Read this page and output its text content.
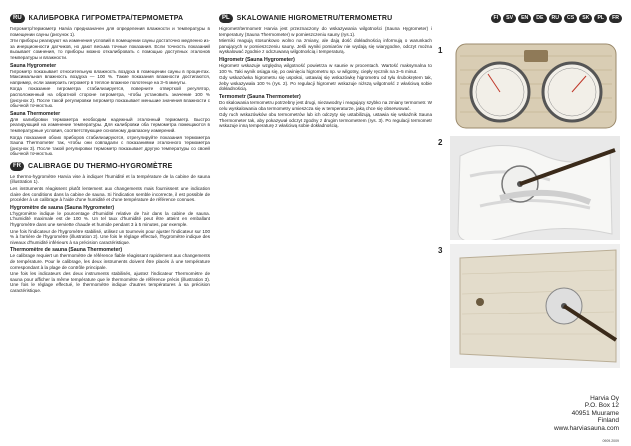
RU	КАЛИБРОВКА ГИГРОМЕТРА/ТЕРМОМЕТРА

Гигрометр/термометр Harvia предназначен для определения влажности и температуры в помещении сауны (рисунок 1).

Эти приборы реагируют на изменения условий в помещении сауны достаточно медленно из-за инерционности датчиков, но дают весьма точные показания. Если точность показаний вызывает сомнения, то приборы можно откалибровать с помощью доступных эталонов температуры и влажности.

Sauna Hygrometer

Гигрометр показывает относительную влажность воздуха в помещении сауны в процентах. Максимальная влажность воздуха — 100 %. Такие показания влажности достигаются, например, если замерзить гигрометр в теплое влажное полотенце на 3–5 минуты.

Когда показание гигрометра стабилизируется, поверните отверткой регулятор, расположенный на обратной стороне гигрометра, чтобы установить значение 100 % (рисунок 2). После такой регулировки гигрометр показывает меньшие значения влажности с обычной точностью.

Sauna Thermometer

Для калибровки термометра необходим надежный эталонный термометр. Быстро реагирующий на изменение температуры. Для калибровки оба термометра помещаются в температурные условия, соответствующие основному диапазону измерений.

Когда показания обоих приборов стабилизируются, отрегулируйте показания термометра Sauna Thermometer так, чтобы они совпадали с показаниями эталонного термометра (рисунок 3). После такой регулировки термометр показывает другую температуры со своей обычной точностью.

FR	CALIBRAGE DU THERMO-HYGROMÈTRE

Le thermo-hygromètre Harvia vise à indiquer l'humidité et la température de la cabine de sauna (illustration 1).

Les instruments réagissent plutôt lentement aux changements mais fournissent une indication claire des conditions dans la cabine de sauna. Si l'indication semble incorrecte, il est possible de procéder à un calibrage à l'aide d'une humidité et d'une température de référence connues.

Hygromètre de sauna (Sauna Hygrometer)

L'hygromètre indique le pourcentage d'humidité relative de l'air dans la cabine de sauna. L'humidité maximale est de 100 %. Un tel taux d'humidité peut être atteint en emballant l'hygromètre dans une serviette chaude et humide pendant 3 à 5 minutes, par exemple.

Une fois l'indicateur de l'hygromètre stabilisé, utilisez un tournevis pour ajuster l'indicateur sur 100 % à l'arrière de l'hygromètre (illustration 2). Une fois le réglage effectué, l'hygromètre indique des niveaux d'humidité inférieurs à sa précision caractéristique.

Thermomètre de sauna (Sauna Thermometer)

Le calibrage requiert un thermomètre de référence fiable réagissant rapidement aux changements de température. Pour le calibrage, les deux instruments doivent être placés à une température correspondant à la plage de contrôle principale.

Une fois les indicateurs des deux instruments stabilisés, ajustez l'indicateur Thermomètre de sauna pour afficher la même température que le thermomètre de référence précis (illustration 3). Une fois le réglage effectué, le thermomètre indique d'autres températures à sa précision caractéristique.

PL	SKALOWANIE HIGROMETRU/TERMOMETRU

Higrometr/termometr Harvia jest przeznaczony do wskazywania wilgotności (Sauna Hygrometer) i temperatury (Sauna Thermometer) w pomieszczeniu sauny (rys.1).

Mierniki reagują stosunkowo wolno na zmiany, ale dają dość dokładnością informują o warunkach panujących w pomieszczeniu sauny. Jeśli wyniki pomiarów nie wydają się wiarygodne, odczyt można wyskalować zgodnie z odczuwaną wilgotnością i temperaturą.

Higrometr (Sauna Hygrometer)

Higrometr wskazuje względną wilgotność powietrza w saunie w procentach. Wartość maksymalna to 100 %. Taki wynik osiąga się, po owinięciu higrometru np. w wilgotny, ciepły ręcznik na 3–5 minut.

Gdy wskazówka higrometru się uspokoi, ustawiaj się wskazówkę higrometru od tyłu śrubokrętem tak, żeby wskazywała 100 % (rys. 2). Po regulacji higrometr wskazuje niższą wilgotność z właściwą sobie dokładnością.

Termometr (Sauna Thermometer)

Do skalowania termometru potrzebny jest drugi, niezawodny i reagujący szybko na zmiany termometr. W celu wyskalowania oba termometry umieszcza się w temperaturze, jaką chce się obserwować.

Gdy ruch wskazówków obu termometrów lub ich odczyty się ustabilizują, ustawia się wskaźnik Sauna Thermometer tak, aby pokazywał odczyt zgodny z drugim termometrem (rys. 3). Po regulacji termometr wskazuje inną temperaturę z właściwą sobie dokładnością.

FI	SV	EN	DE	RU	CS	SK	PL	FR
1
2
3
Harvia Oy
P.O. Box 12
40951 Muurame
Finland
www.harviasauna.com
0909.2009
